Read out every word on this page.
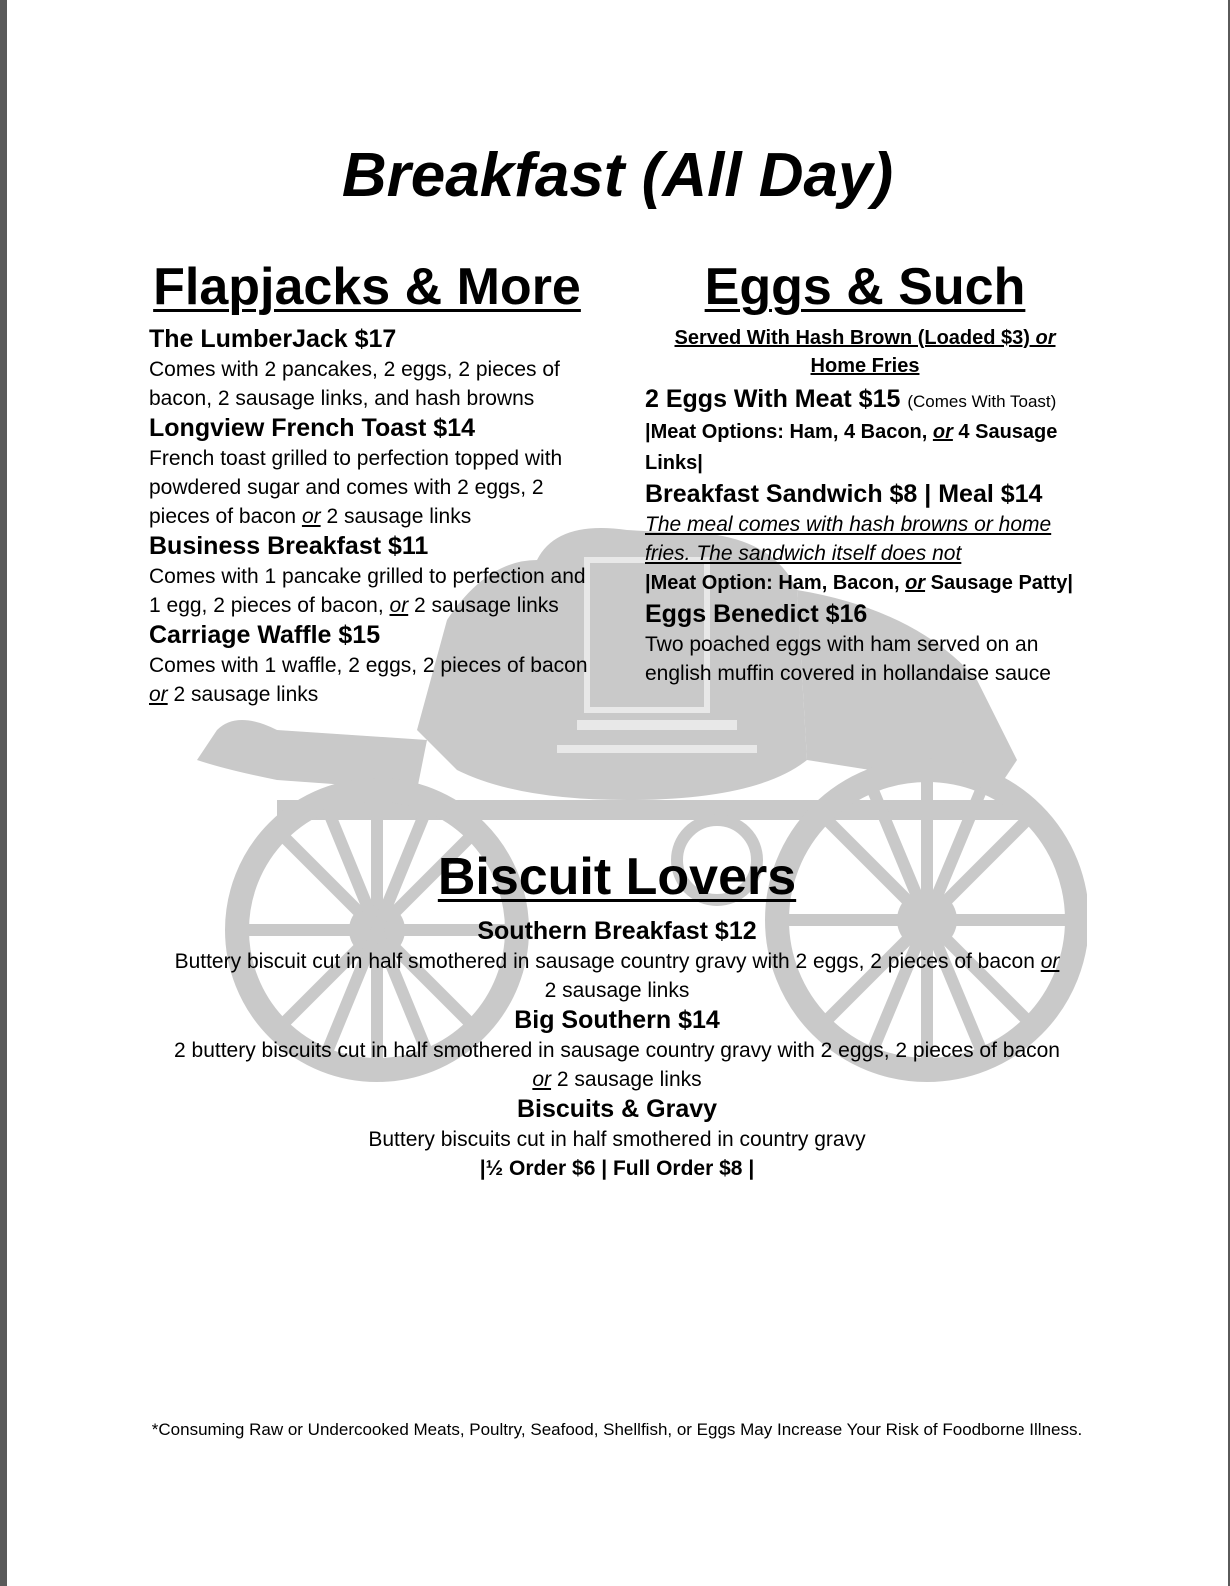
Breakfast (All Day)
Flapjacks & More
The LumberJack $17
Comes with 2 pancakes, 2 eggs, 2 pieces of bacon, 2 sausage links, and hash browns
Longview French Toast $14
French toast grilled to perfection topped with powdered sugar and comes with 2 eggs, 2 pieces of bacon or 2 sausage links
Business Breakfast $11
Comes with 1 pancake grilled to perfection and 1 egg, 2 pieces of bacon, or 2 sausage links
Carriage Waffle $15
Comes with 1 waffle, 2 eggs, 2 pieces of bacon or 2 sausage links
Eggs & Such
Served With Hash Brown (Loaded $3) or Home Fries
2 Eggs With Meat $15 (Comes With Toast)
|Meat Options: Ham, 4 Bacon, or 4 Sausage Links|
Breakfast Sandwich $8 | Meal $14
The meal comes with hash browns or home fries. The sandwich itself does not
|Meat Option: Ham, Bacon, or Sausage Patty|
Eggs Benedict $16
Two poached eggs with ham served on an english muffin covered in hollandaise sauce
Biscuit Lovers
Southern Breakfast $12
Buttery biscuit cut in half smothered in sausage country gravy with 2 eggs, 2 pieces of bacon or
2 sausage links
Big Southern $14
2 buttery biscuits cut in half smothered in sausage country gravy with 2 eggs, 2 pieces of bacon
or 2 sausage links
Biscuits & Gravy
Buttery biscuits cut in half smothered in country gravy
|½ Order $6 | Full Order $8 |
*Consuming Raw or Undercooked Meats, Poultry, Seafood, Shellfish, or Eggs May Increase Your Risk of Foodborne Illness.
